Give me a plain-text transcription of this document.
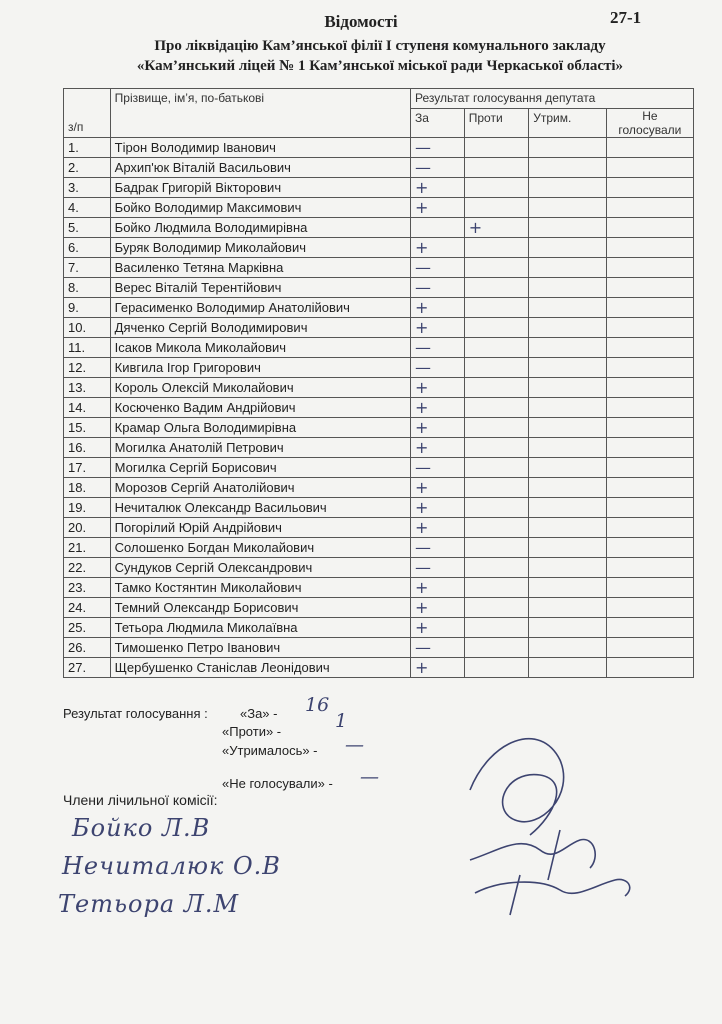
Відомості	27-1
Про ліквідацію Кам’янської філії І ступеня комунального закладу
«Кам’янський ліцей № 1 Кам’янської міської ради Черкаської області»
з/п	Прізвище, ім’я, по-батькові	Результат голосування депутата			
		За	Проти	Утрим.	Не голосували
1.	Тірон Володимир Іванович	—			
2.	Архип'юк Віталій Васильович	—			
3.	Бадрак Григорій Вікторович	+			
4.	Бойко Володимир Максимович	+			
5.	Бойко Людмила Володимирівна		+		
6.	Буряк Володимир Миколайович	+			
7.	Василенко Тетяна Марківна	—			
8.	Верес Віталій Терентійович	—			
9.	Герасименко Володимир Анатолійович	+			
10.	Дяченко Сергій Володимирович	+			
11.	Ісаков Микола Миколайович	—			
12.	Кивгила Ігор Григорович	—			
13.	Король Олексій Миколайович	+			
14.	Косюченко Вадим Андрійович	+			
15.	Крамар Ольга Володимирівна	+			
16.	Могилка Анатолій Петрович	+			
17.	Могилка Сергій Борисович	—			
18.	Морозов Сергій Анатолійович	+			
19.	Нечиталюк Олександр Васильович	+			
20.	Погорілий Юрій Андрійович	+			
21.	Солошенко Богдан Миколайович	—			
22.	Сундуков Сергій Олександрович	—			
23.	Тамко Костянтин Миколайович	+			
24.	Темний Олександр Борисович	+			
25.	Тетьора Людмила Миколаївна	+			
26.	Тимошенко Петро Іванович	—			
27.	Щербушенко Станіслав Леонідович	+			
Результат голосування : «За» - 16
«Проти» -	1
«Утрималось» - —
«Не голосували» - —
Члени лічильної комісії:
Бойко Л.В
Нечиталюк О.В
Тетьора Л.М
